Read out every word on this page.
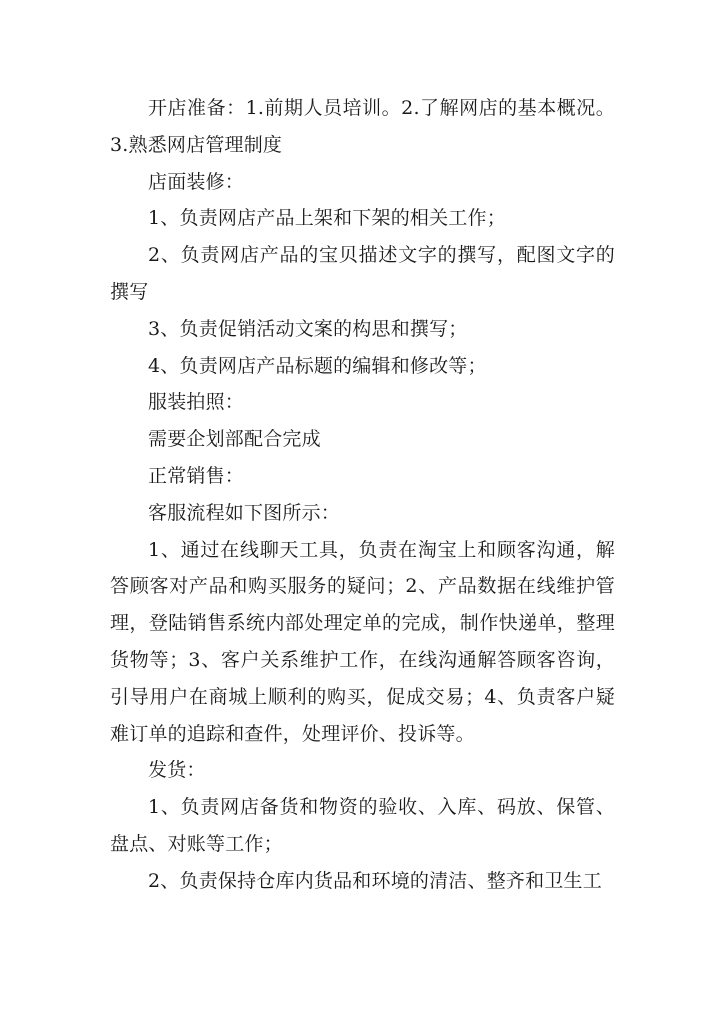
开店准备：1.前期人员培训。2.了解网店的基本概况。3.熟悉网店管理制度

店面装修：

1、负责网店产品上架和下架的相关工作；

2、负责网店产品的宝贝描述文字的撰写，配图文字的撰写

3、负责促销活动文案的构思和撰写；

4、负责网店产品标题的编辑和修改等；

服装拍照：

需要企划部配合完成

正常销售：

客服流程如下图所示：

1、通过在线聊天工具，负责在淘宝上和顾客沟通，解答顾客对产品和购买服务的疑问；2、产品数据在线维护管理，登陆销售系统内部处理定单的完成，制作快递单，整理货物等；3、客户关系维护工作，在线沟通解答顾客咨询，引导用户在商城上顺利的购买，促成交易；4、负责客户疑难订单的追踪和查件，处理评价、投诉等。

发货：

1、负责网店备货和物资的验收、入库、码放、保管、盘点、对账等工作；

2、负责保持仓库内货品和环境的清洁、整齐和卫生工
